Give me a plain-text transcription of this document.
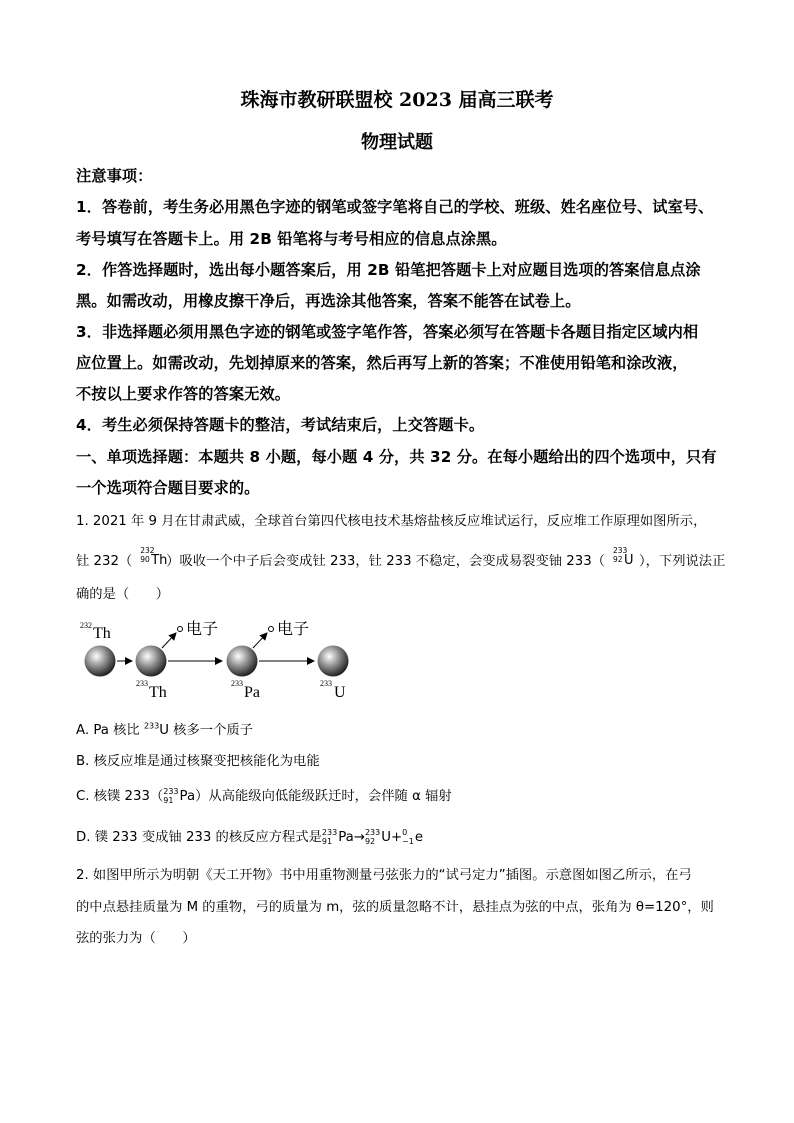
珠海市教研联盟校 2023 届高三联考
物理试题
注意事项：
1．答卷前，考生务必用黑色字迹的钢笔或签字笔将自己的学校、班级、姓名座位号、试室号、
考号填写在答题卡上。用 2B 铅笔将与考号相应的信息点涂黑。
2．作答选择题时，选出每小题答案后，用 2B 铅笔把答题卡上对应题目选项的答案信息点涂
黑。如需改动，用橡皮擦干净后，再选涂其他答案，答案不能答在试卷上。
3．非选择题必须用黑色字迹的钢笔或签字笔作答，答案必须写在答题卡各题目指定区域内相
应位置上。如需改动，先划掉原来的答案，然后再写上新的答案；不准使用铅笔和涂改液，
不按以上要求作答的答案无效。
4．考生必须保持答题卡的整洁，考试结束后，上交答题卡。
一、单项选择题：本题共 8 小题，每小题 4 分，共 32 分。在每小题给出的四个选项中，只有
一个选项符合题目要求的。
1. 2021 年 9 月在甘肃武威，全球首台第四代核电技术基熔盐核反应堆试运行，反应堆工作原理如图所示，
钍 232（
232
90 Th
）吸收一个中子后会变成钍 233，钍 233 不稳定，会变成易裂变铀 233（
233
92 U ），下列说法正
确的是（　　）
232 Th
233
Th
电子
233
Pa
电子
233
U
A. Pa 核比 $^{233}$U 核多一个质子
B. 核反应堆是通过核聚变把核能化为电能
C. 核镤 233（233
91 Pa）从高能级向低能级跃迁时，会伴随 α 辐射
D. 镤 233 变成铀 233 的核反应方程式是233
91 Pa→233
92 U+0
−1e
2. 如图甲所示为明朝《天工开物》书中用重物测量弓弦张力的“试弓定力”插图。示意图如图乙所示，在弓
的中点悬挂质量为 M 的重物，弓的质量为 m，弦的质量忽略不计，悬挂点为弦的中点，张角为 θ=120°，则
弦的张力为（　　）
